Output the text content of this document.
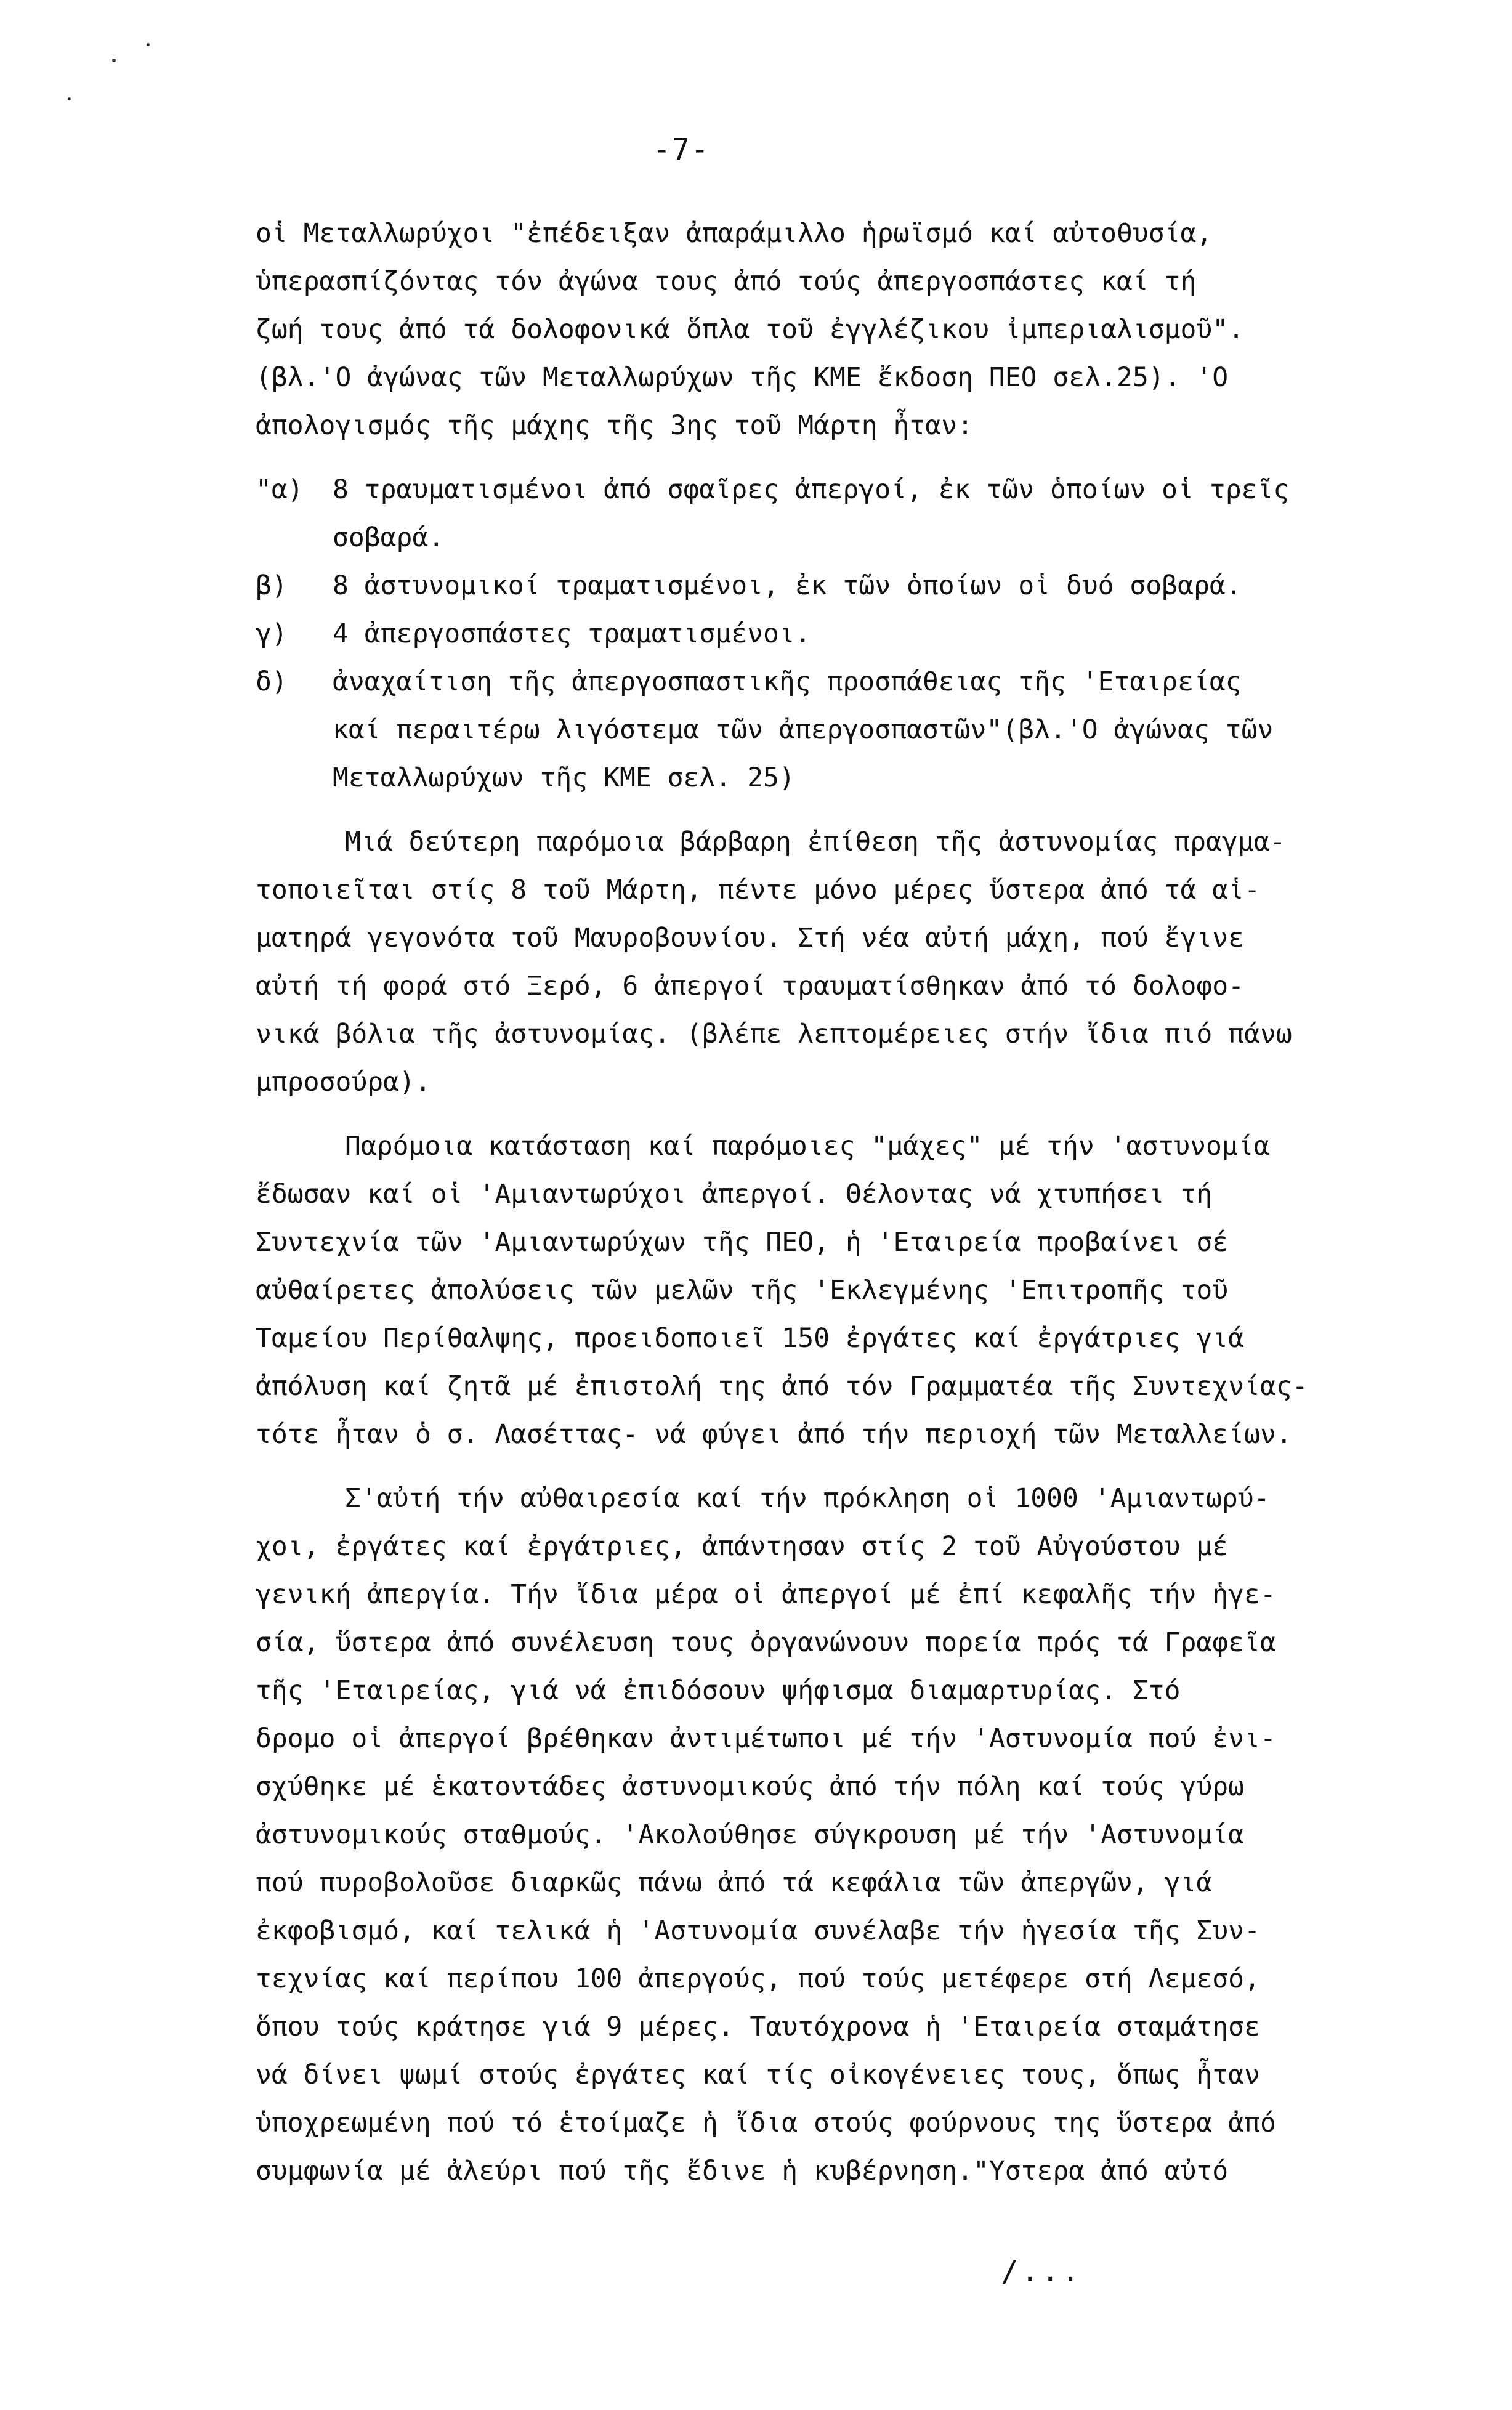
-7-
οἱ Μεταλλωρύχοι "ἐπέδειξαν ἀπαράμιλλο ἡρωϊσμό καί αὐτοθυσία,
ὑπερασπίζόντας τόν ἀγώνα τους ἀπό τούς ἀπεργοσπάστες καί τή
ζωή τους ἀπό τά δολοφονικά ὅπλα τοῦ ἐγγλέζικου ἰμπεριαλισμοῦ".
(βλ.'Ο ἀγώνας τῶν Μεταλλωρύχων τῆς ΚΜΕ ἔκδοση ΠΕΟ σελ.25). 'Ο
ἀπολογισμός τῆς μάχης τῆς 3ης τοῦ Μάρτη ἦταν:
"α)	8 τραυματισμένοι ἀπό σφαῖρες ἀπεργοί, ἐκ τῶν ὁποίων οἱ τρεῖς
σοβαρά.
β)	8 ἀστυνομικοί τραματισμένοι, ἐκ τῶν ὁποίων οἱ δυό σοβαρά.
γ)	4 ἀπεργοσπάστες τραματισμένοι.
δ)	ἀναχαίτιση τῆς ἀπεργοσπαστικῆς προσπάθειας τῆς 'Εταιρείας
καί περαιτέρω λιγόστεμα τῶν ἀπεργοσπαστῶν"(βλ.'Ο ἀγώνας τῶν
Μεταλλωρύχων τῆς ΚΜΕ σελ. 25)
Μιά δεύτερη παρόμοια βάρβαρη ἐπίθεση τῆς ἀστυνομίας πραγμα-
τοποιεῖται στίς 8 τοῦ Μάρτη, πέντε μόνο μέρες ὕστερα ἀπό τά αἱ-
ματηρά γεγονότα τοῦ Μαυροβουνίου. Στή νέα αὐτή μάχη, πού ἔγινε
αὐτή τή φορά στό Ξερό, 6 ἀπεργοί τραυματίσθηκαν ἀπό τό δολοφο-
νικά βόλια τῆς ἀστυνομίας. (βλέπε λεπτομέρειες στήν ἴδια πιό πάνω
μπροσούρα).
Παρόμοια κατάσταση καί παρόμοιες "μάχες" μέ τήν 'αστυνομία
ἔδωσαν καί οἱ 'Αμιαντωρύχοι ἀπεργοί. Θέλοντας νά χτυπήσει τή
Συντεχνία τῶν 'Αμιαντωρύχων τῆς ΠΕΟ, ἡ 'Εταιρεία προβαίνει σέ
αὐθαίρετες ἀπολύσεις τῶν μελῶν τῆς 'Εκλεγμένης 'Επιτροπῆς τοῦ
Ταμείου Περίθαλψης, προειδοποιεῖ 150 ἐργάτες καί ἐργάτριες γιά
ἀπόλυση καί ζητᾶ μέ ἐπιστολή της ἀπό τόν Γραμματέα τῆς Συντεχνίας-
τότε ἦταν ὁ σ. Λασέττας- νά φύγει ἀπό τήν περιοχή τῶν Μεταλλείων.
Σ'αὐτή τήν αὐθαιρεσία καί τήν πρόκληση οἱ 1000 'Αμιαντωρύ-
χοι, ἐργάτες καί ἐργάτριες, ἀπάντησαν στίς 2 τοῦ Αὐγούστου μέ
γενική ἀπεργία. Τήν ἴδια μέρα οἱ ἀπεργοί μέ ἐπί κεφαλῆς τήν ἡγε-
σία, ὕστερα ἀπό συνέλευση τους ὀργανώνουν πορεία πρός τά Γραφεῖα
τῆς 'Εταιρείας, γιά νά ἐπιδόσουν ψήφισμα διαμαρτυρίας. Στό
δρομο οἱ ἀπεργοί βρέθηκαν ἀντιμέτωποι μέ τήν 'Αστυνομία πού ἐνι-
σχύθηκε μέ ἑκατοντάδες ἀστυνομικούς ἀπό τήν πόλη καί τούς γύρω
ἀστυνομικούς σταθμούς. 'Ακολούθησε σύγκρουση μέ τήν 'Αστυνομία
πού πυροβολοῦσε διαρκῶς πάνω ἀπό τά κεφάλια τῶν ἀπεργῶν, γιά
ἐκφοβισμό, καί τελικά ἡ 'Αστυνομία συνέλαβε τήν ἡγεσία τῆς Συν-
τεχνίας καί περίπου 100 ἀπεργούς, πού τούς μετέφερε στή Λεμεσό,
ὅπου τούς κράτησε γιά 9 μέρες. Ταυτόχρονα ἡ 'Εταιρεία σταμάτησε
νά δίνει ψωμί στούς ἐργάτες καί τίς οἰκογένειες τους, ὅπως ἦταν
ὑποχρεωμένη πού τό ἑτοίμαζε ἡ ἴδια στούς φούρνους της ὕστερα ἀπό
συμφωνία μέ ἀλεύρι πού τῆς ἔδινε ἡ κυβέρνηση."Υστερα ἀπό αὐτό
/...
